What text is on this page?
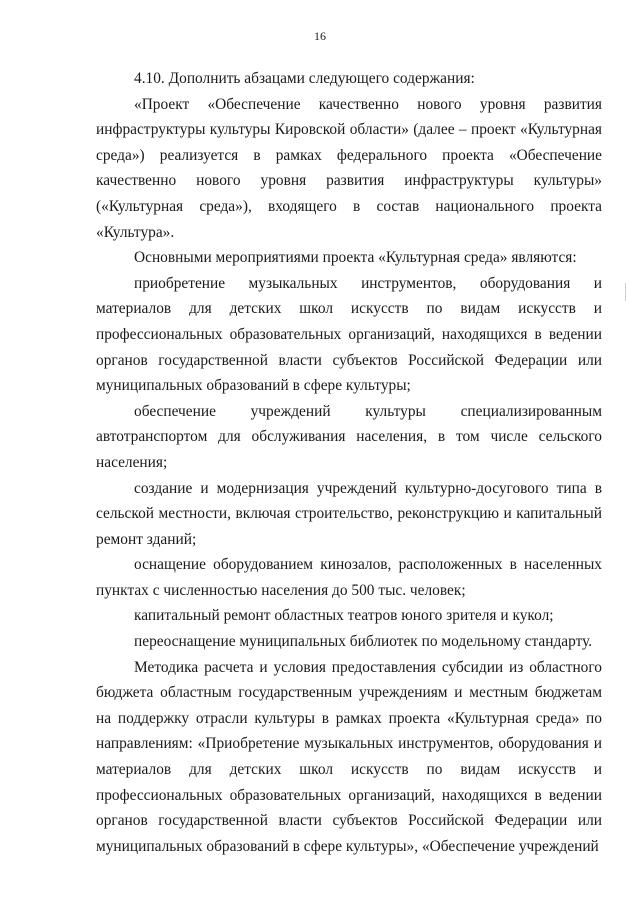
16

4.10. Дополнить абзацами следующего содержания:

«Проект «Обеспечение качественно нового уровня развития инфраструктуры культуры Кировской области» (далее – проект «Культурная среда») реализуется в рамках федерального проекта «Обеспечение качественно нового уровня развития инфраструктуры культуры» («Культурная среда»), входящего в состав национального проекта «Культура».

Основными мероприятиями проекта «Культурная среда» являются:

приобретение музыкальных инструментов, оборудования и материалов для детских школ искусств по видам искусств и профессиональных образовательных организаций, находящихся в ведении органов государственной власти субъектов Российской Федерации или муниципальных образований в сфере культуры;

обеспечение учреждений культуры специализированным автотранспортом для обслуживания населения, в том числе сельского населения;

создание и модернизация учреждений культурно-досугового типа в сельской местности, включая строительство, реконструкцию и капитальный ремонт зданий;

оснащение оборудованием кинозалов, расположенных в населенных пунктах с численностью населения до 500 тыс. человек;

капитальный ремонт областных театров юного зрителя и кукол;

переоснащение муниципальных библиотек по модельному стандарту.

Методика расчета и условия предоставления субсидии из областного бюджета областным государственным учреждениям и местным бюджетам на поддержку отрасли культуры в рамках проекта «Культурная среда» по направлениям: «Приобретение музыкальных инструментов, оборудования и материалов для детских школ искусств по видам искусств и профессиональных образовательных организаций, находящихся в ведении органов государственной власти субъектов Российской Федерации или муниципальных образований в сфере культуры», «Обеспечение учреждений
